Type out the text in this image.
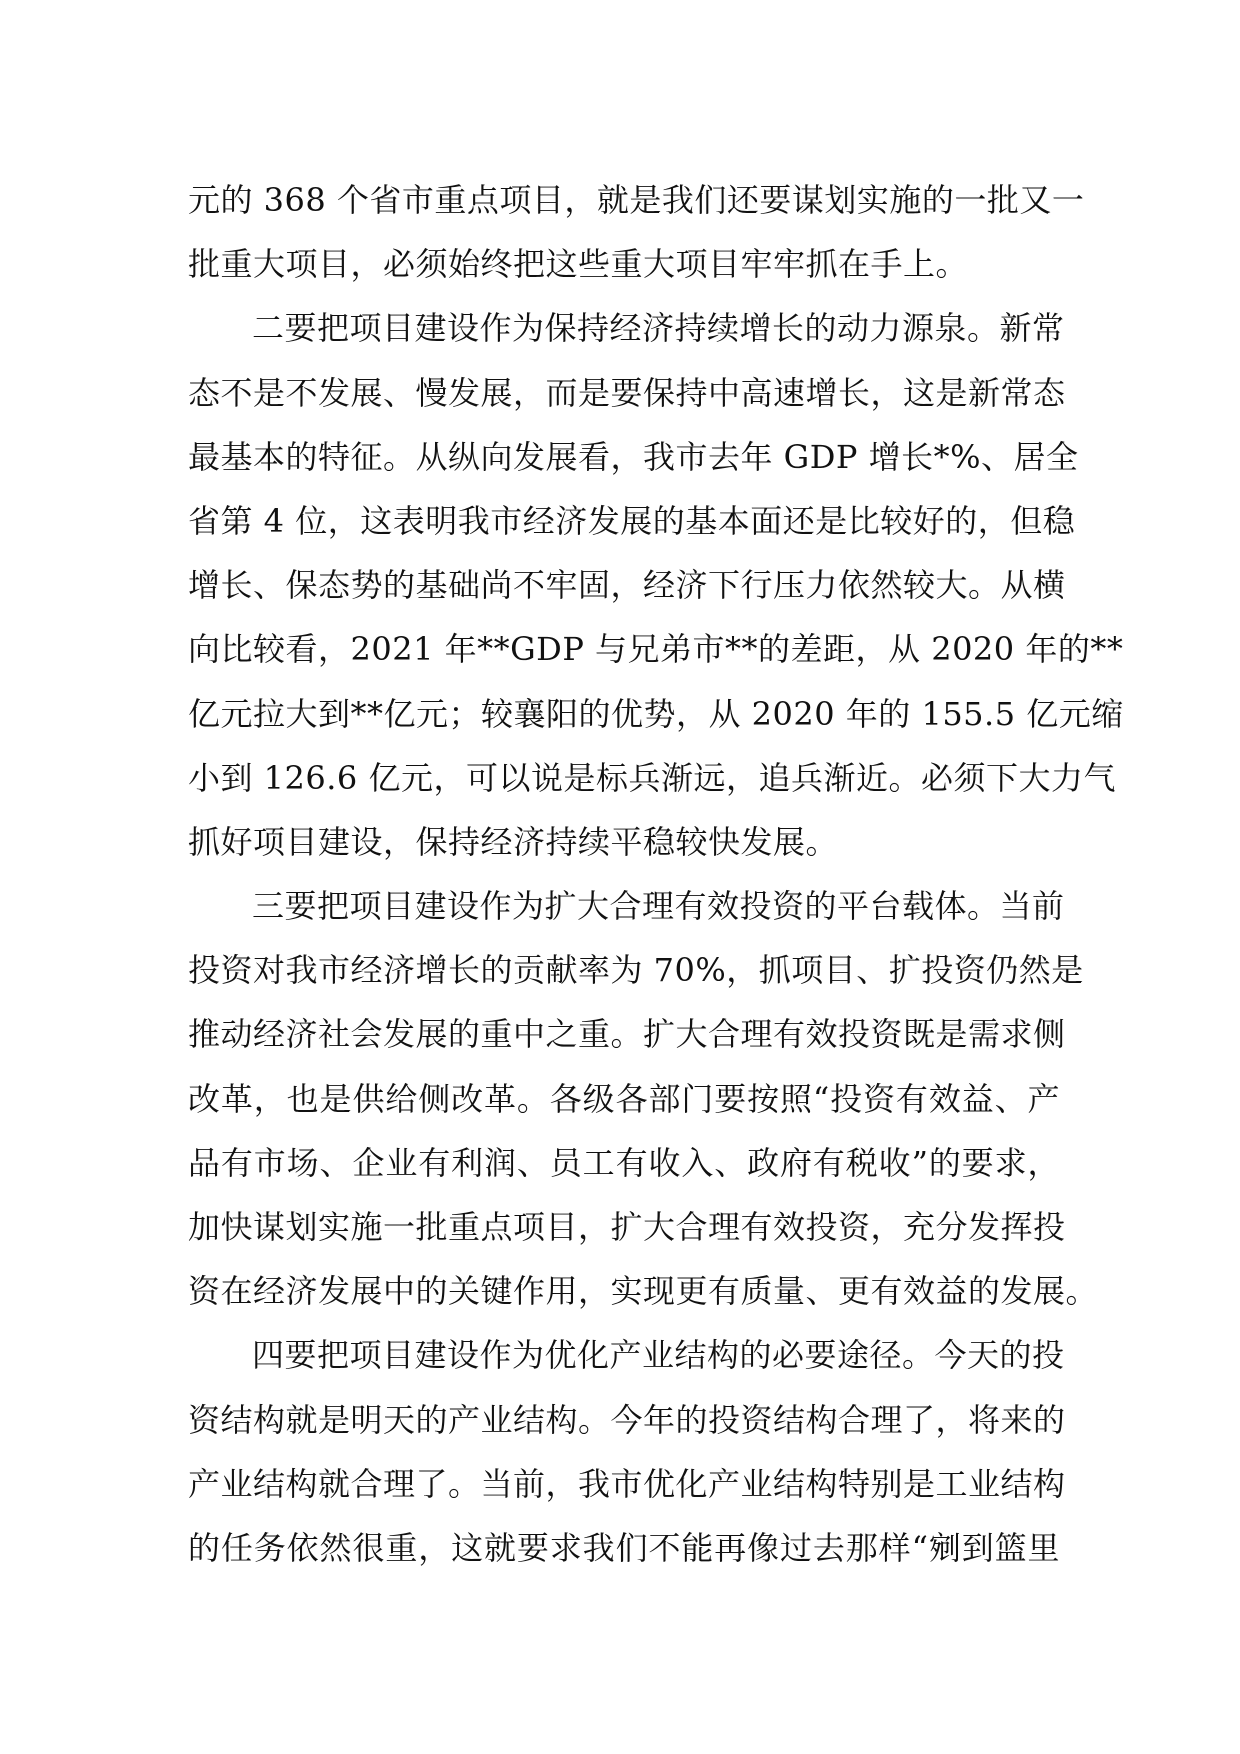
元的 368 个省市重点项目，就是我们还要谋划实施的一批又一
批重大项目，必须始终把这些重大项目牢牢抓在手上。
二要把项目建设作为保持经济持续增长的动力源泉。新常
态不是不发展、慢发展，而是要保持中高速增长，这是新常态
最基本的特征。从纵向发展看，我市去年 GDP 增长*%、居全
省第 4 位，这表明我市经济发展的基本面还是比较好的，但稳
增长、保态势的基础尚不牢固，经济下行压力依然较大。从横
向比较看，2021 年**GDP 与兄弟市**的差距，从 2020 年的**
亿元拉大到**亿元；较襄阳的优势，从 2020 年的 155.5 亿元缩
小到 126.6 亿元，可以说是标兵渐远，追兵渐近。必须下大力气
抓好项目建设，保持经济持续平稳较快发展。
三要把项目建设作为扩大合理有效投资的平台载体。当前
投资对我市经济增长的贡献率为 70%，抓项目、扩投资仍然是
推动经济社会发展的重中之重。扩大合理有效投资既是需求侧
改革，也是供给侧改革。各级各部门要按照“投资有效益、产
品有市场、企业有利润、员工有收入、政府有税收”的要求，
加快谋划实施一批重点项目，扩大合理有效投资，充分发挥投
资在经济发展中的关键作用，实现更有质量、更有效益的发展。
四要把项目建设作为优化产业结构的必要途径。今天的投
资结构就是明天的产业结构。今年的投资结构合理了，将来的
产业结构就合理了。当前，我市优化产业结构特别是工业结构
的任务依然很重，这就要求我们不能再像过去那样“剜到篮里
